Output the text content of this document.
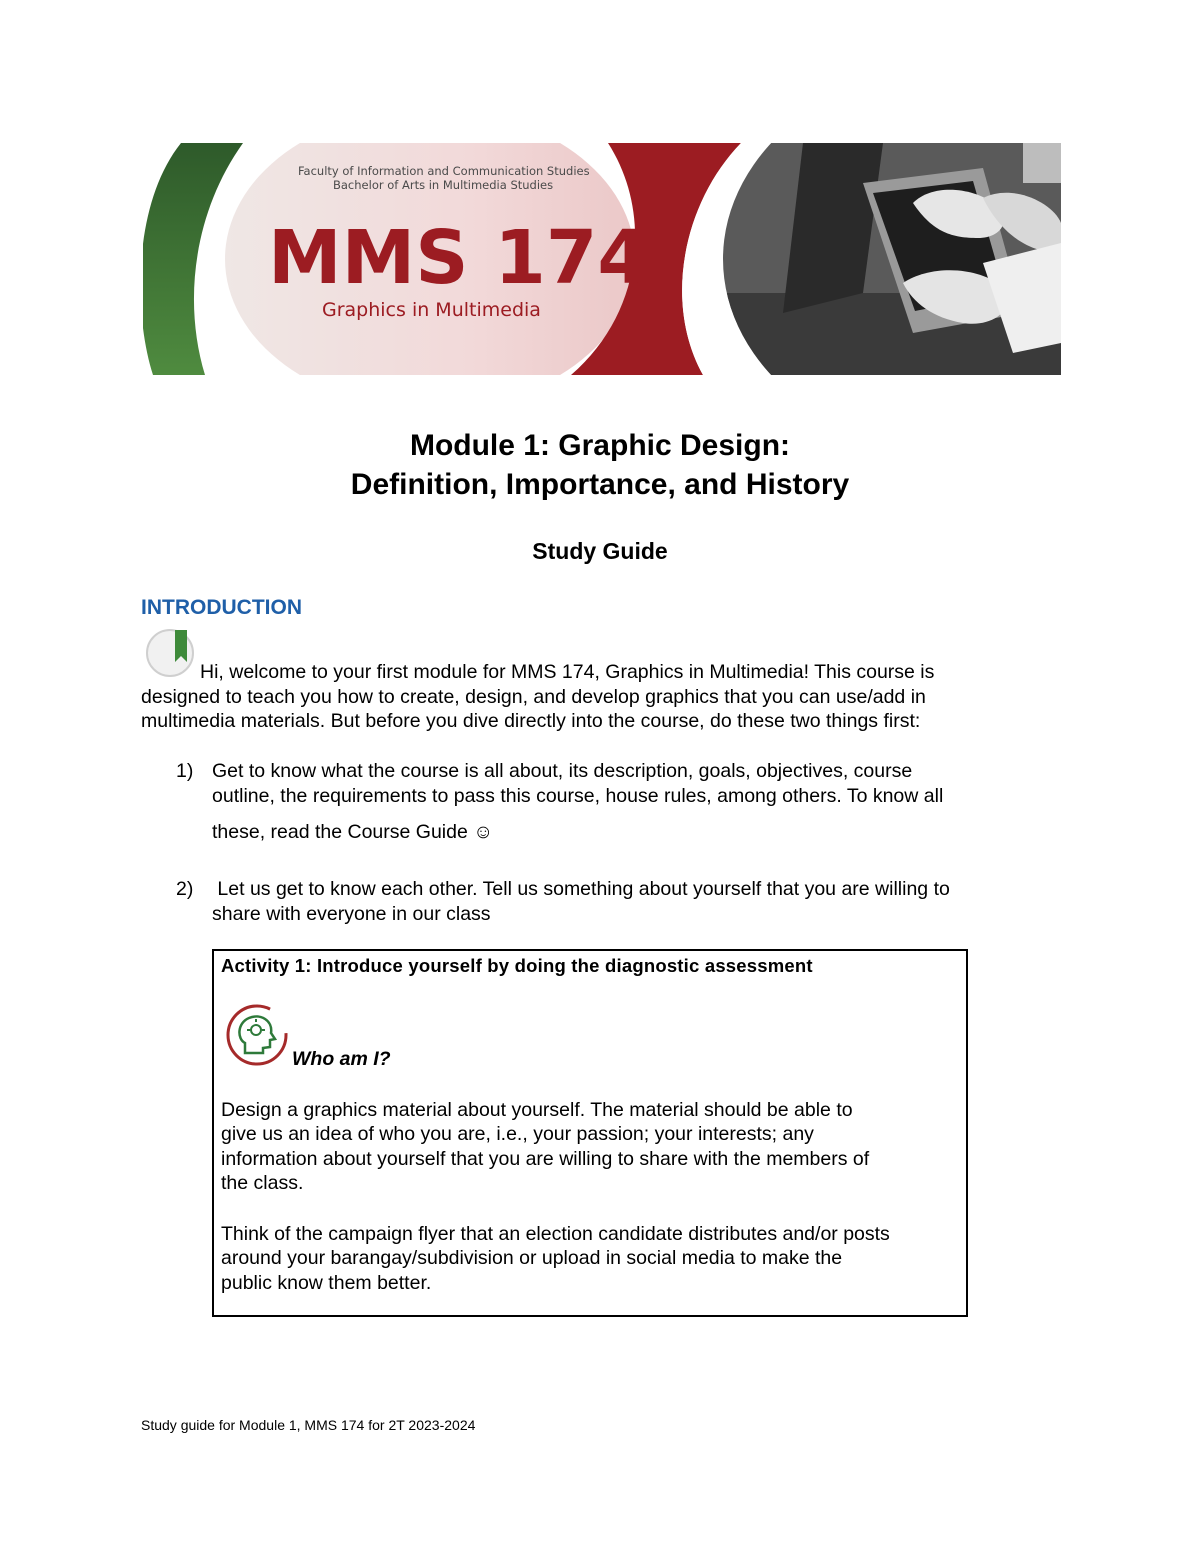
Faculty of Information and Communication Studies
Bachelor of Arts in Multimedia Studies
MMS 174
Graphics in Multimedia
Module 1: Graphic Design:
Definition, Importance, and History
Study Guide
INTRODUCTION
Hi, welcome to your first module for MMS 174, Graphics in Multimedia! This course is
designed to teach you how to create, design, and develop graphics that you can use/add in
multimedia materials. But before you dive directly into the course, do these two things first:
1) Get to know what the course is all about, its description, goals, objectives, course
outline, the requirements to pass this course, house rules, among others. To know all
these, read the Course Guide ☺
2) Let us get to know each other. Tell us something about yourself that you are willing to
share with everyone in our class
Activity 1: Introduce yourself by doing the diagnostic assessment
Who am I?
Design a graphics material about yourself. The material should be able to
give us an idea of who you are, i.e., your passion; your interests; any
information about yourself that you are willing to share with the members of
the class.
Think of the campaign flyer that an election candidate distributes and/or posts
around your barangay/subdivision or upload in social media to make the
public know them better.
Study guide for Module 1, MMS 174 for 2T 2023-2024
